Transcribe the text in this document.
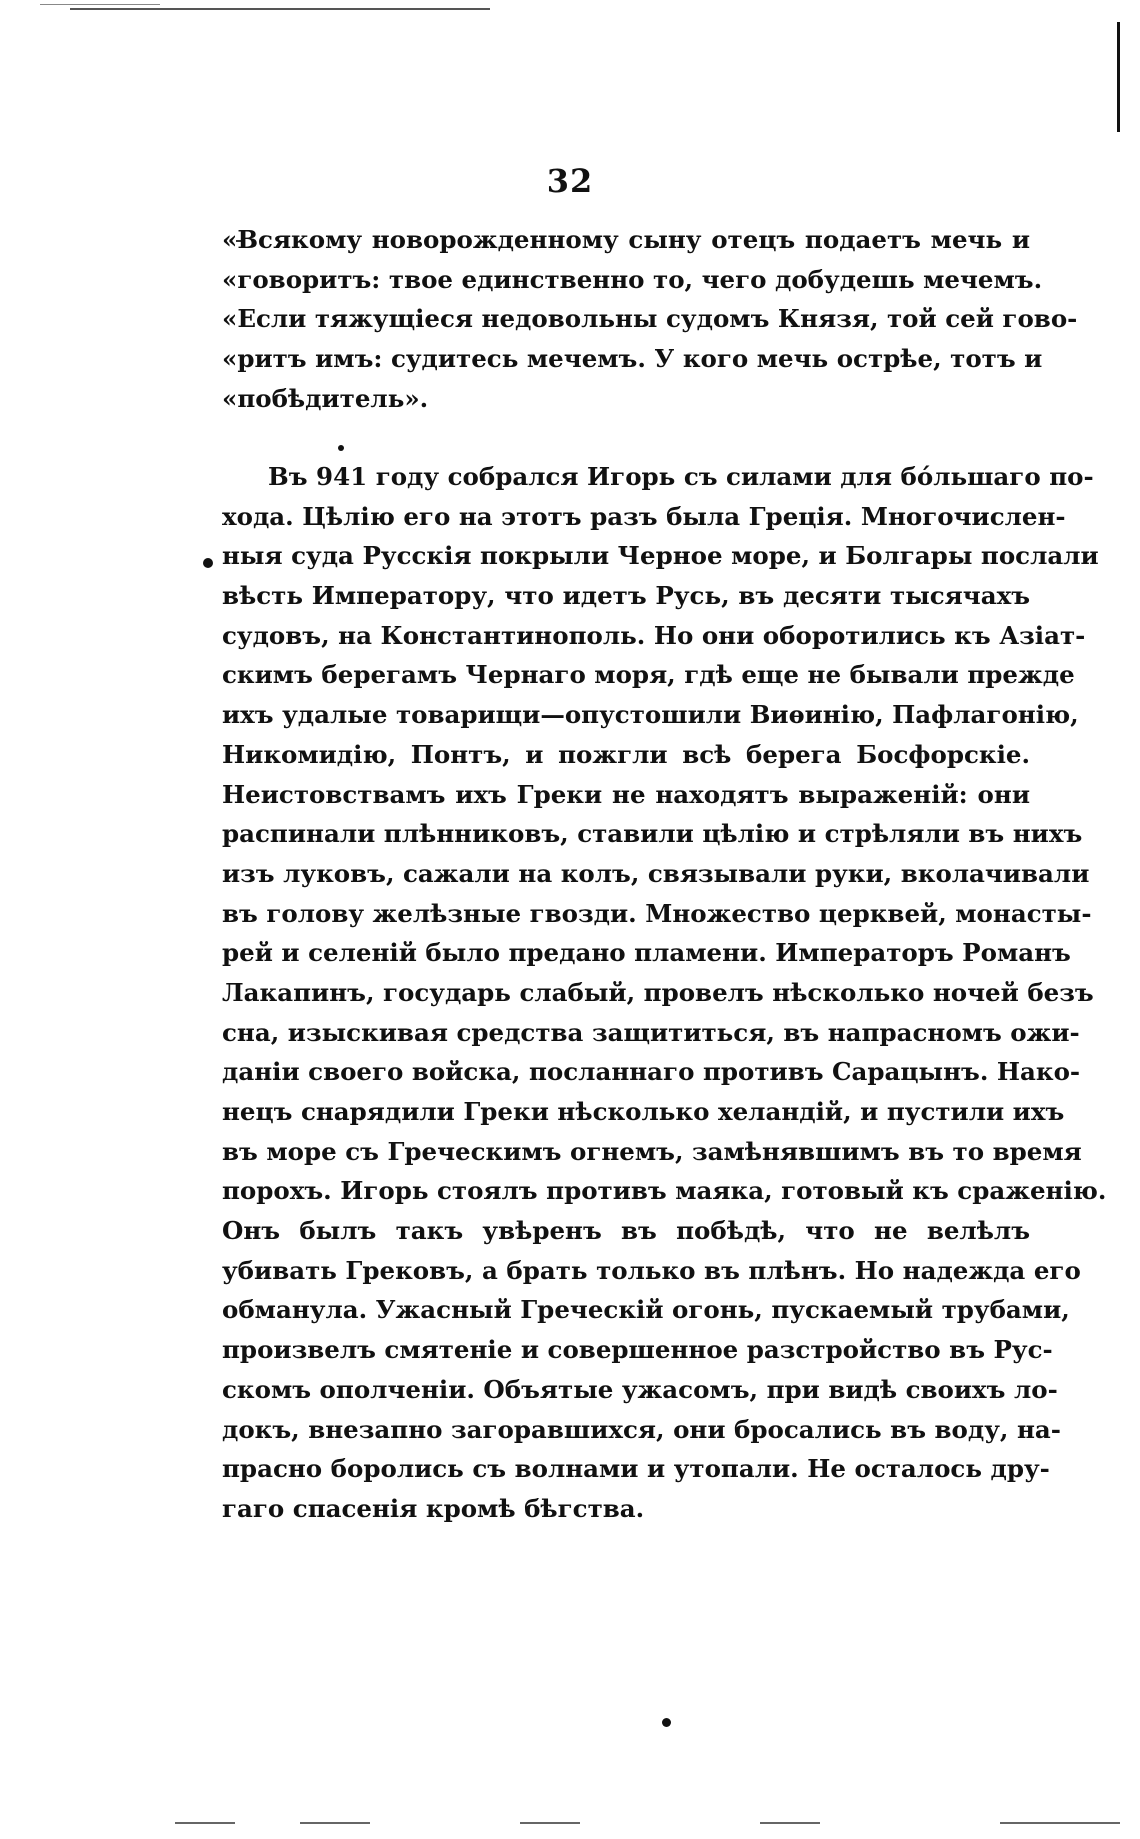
32
«Всякому новорожденному сыну отецъ подаетъ мечь и
«говоритъ: твое единственно то, чего добудешь мечемъ.
«Если тяжущіеся недовольны судомъ Князя, той сей гово-
«ритъ имъ: судитесь мечемъ. У кого мечь острѣе, тотъ и
«побѣдитель».
Въ 941 году собрался Игорь съ силами для бóльшаго по-
хода. Цѣлію его на этотъ разъ была Греція. Многочислен-
ныя суда Русскія покрыли Черное море, и Болгары послали
вѣсть Императору, что идетъ Русь, въ десяти тысячахъ
судовъ, на Константинополь. Но они оборотились къ Азіат-
скимъ берегамъ Чернаго моря, гдѣ еще не бывали прежде
ихъ удалые товарищи—опустошили Виѳинію, Пафлагонію,
Никомидію, Понтъ, и пожгли всѣ берега Босфорскіе.
Неистовствамъ ихъ Греки не находятъ выраженій: они
распинали плѣнниковъ, ставили цѣлію и стрѣляли въ нихъ
изъ луковъ, сажали на колъ, связывали руки, вколачивали
въ голову желѣзные гвозди. Множество церквей, монасты-
рей и селеній было предано пламени. Императоръ Романъ
Лакапинъ, государь слабый, провелъ нѣсколько ночей безъ
сна, изыскивая средства защититься, въ напрасномъ ожи-
даніи своего войска, посланнаго противъ Сарацынъ. Нако-
нецъ снарядили Греки нѣсколько хеландій, и пустили ихъ
въ море съ Греческимъ огнемъ, замѣнявшимъ въ то время
порохъ. Игорь стоялъ противъ маяка, готовый къ сраженію.
Онъ былъ такъ увѣренъ въ побѣдѣ, что не велѣлъ
убивать Грековъ, а брать только въ плѣнъ. Но надежда его
обманула. Ужасный Греческій огонь, пускаемый трубами,
произвелъ смятеніе и совершенное разстройство въ Рус-
скомъ ополченіи. Объятые ужасомъ, при видѣ своихъ ло-
докъ, внезапно загоравшихся, они бросались въ воду, на-
прасно боролись съ волнами и утопали. Не осталось дру-
гаго спасенія кромѣ бѣгства.
